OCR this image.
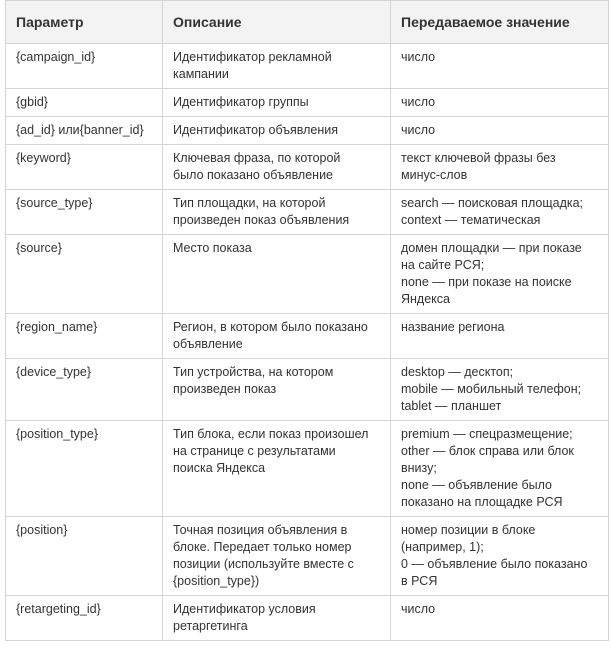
Параметр	Описание	Передаваемое значение
{campaign_id}	Идентификатор рекламной
кампании	число

{gbid}	Идентификатор группы	число

{ad_id} или{banner_id}	Идентификатор объявления	число

{keyword}	Ключевая фраза, по которой
было показано объявление	текст ключевой фразы без
минус-слов

{source_type}	Тип площадки, на которой
произведен показ объявления	search — поисковая площадка;
context — тематическая

{source}	Место показа	домен площадки — при показе
на сайте РСЯ;
none — при показе на поиске
Яндекса

{region_name}	Регион, в котором было показано
объявление	название региона

{device_type}	Тип устройства, на котором
произведен показ	desktop — десктоп;
mobile — мобильный телефон;
tablet — планшет

{position_type}	Тип блока, если показ произошел
на странице с результатами
поиска Яндекса	premium — спецразмещение;
other — блок справа или блок
внизу;
none — объявление было
показано на площадке РСЯ

{position}	Точная позиция объявления в
блоке. Передает только номер
позиции (используйте вместе с
{position_type})	номер позиции в блоке
(например, 1);
0 — объявление было показано
в РСЯ

{retargeting_id}	Идентификатор условия
ретаргетинга	число
